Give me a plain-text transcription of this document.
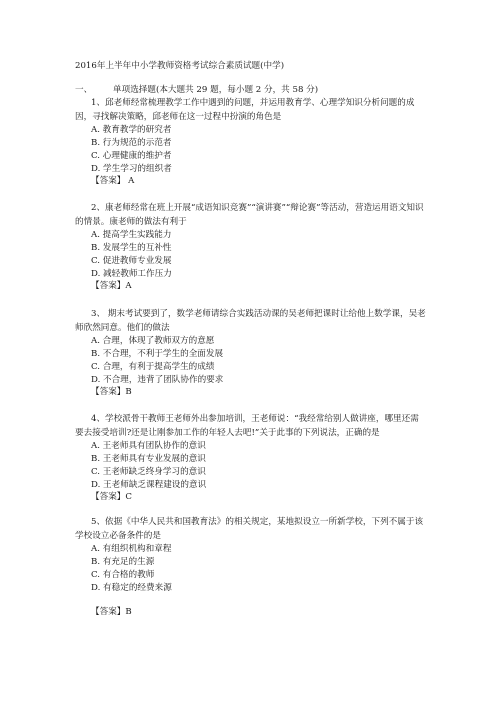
2016年上半年中小学教师资格考试综合素质试题(中学)
一、 单项选择题(本大题共 29 题，每小题 2 分，共 58 分)

1、邱老师经常梳理教学工作中遇到的问题，并运用教育学、心理学知识分析问题的成因，寻找解决策略，邱老师在这一过程中扮演的角色是

A. 教育教学的研究者
B. 行为规范的示范者
C. 心理健康的维护者
D. 学生学习的组织者
【答案】 A

2、康老师经常在班上开展“成语知识竞赛”“演讲赛”“辩论赛”等活动，营造运用语文知识的情景。康老师的做法有利于

A. 提高学生实践能力
B. 发展学生的互补性
C. 促进教师专业发展
D. 减轻教师工作压力
【答案】A

3、 期末考试要到了，数学老师请综合实践活动课的吴老师把课时让给他上数学课，吴老师欣然同意。他们的做法

A. 合理，体现了教师双方的意愿
B. 不合理，不利于学生的全面发展
C. 合理，有利于提高学生的成绩
D. 不合理，违背了团队协作的要求
【答案】B

4、学校派骨干教师王老师外出参加培训，王老师说：“我经常给别人做讲座，哪里还需要去接受培训?还是让刚参加工作的年轻人去吧!”关于此事的下列说法，正确的是

A. 王老师具有团队协作的意识
B. 王老师具有专业发展的意识
C. 王老师缺乏终身学习的意识
D. 王老师缺乏课程建设的意识
【答案】C

5、依据《中华人民共和国教育法》的相关规定，某地拟设立一所新学校，下列不属于该学校设立必备条件的是

A. 有组织机构和章程
B. 有充足的生源
C. 有合格的教师
D. 有稳定的经费来源
【答案】B
